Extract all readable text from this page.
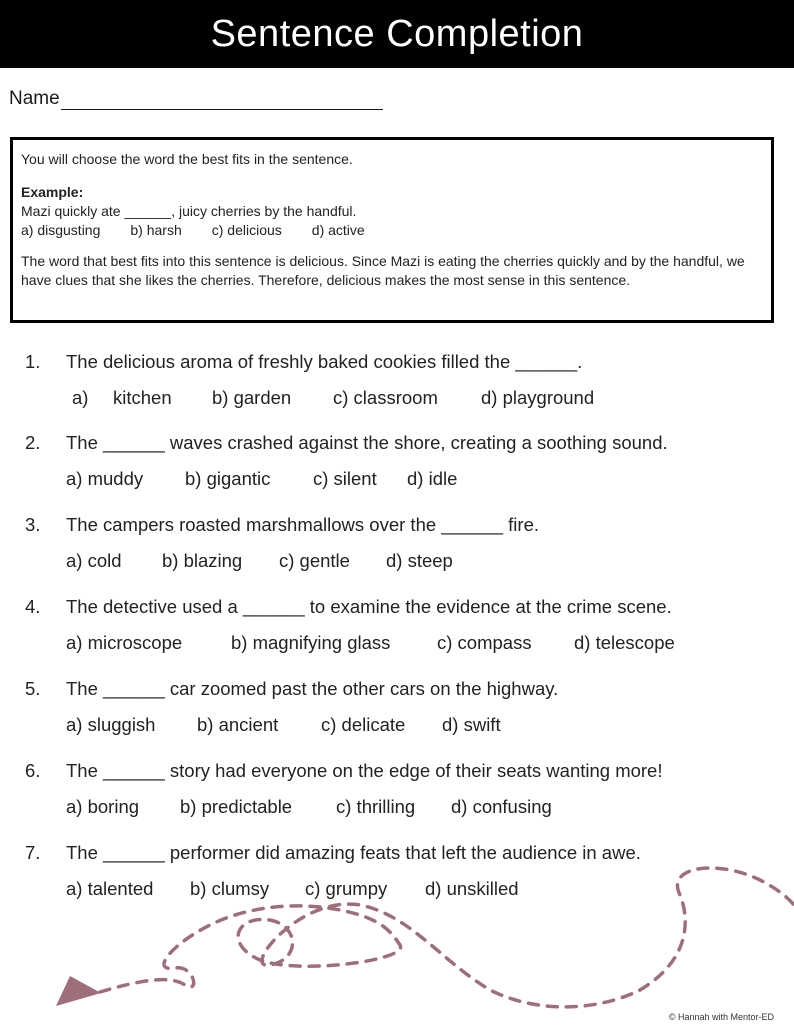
Sentence Completion
Name

You will choose the word the best fits in the sentence.

Example:

Mazi quickly ate ______, juicy cherries by the handful.

a) disgusting b) harsh c) delicious d) active

The word that best fits into this sentence is delicious. Since Mazi is eating the cherries quickly and by the handful, we have clues that she likes the cherries. Therefore, delicious makes the most sense in this sentence.

1. The delicious aroma of freshly baked cookies filled the ______.
a)	kitchen	b) garden	c) classroom	d) playground
2. The ______ waves crashed against the shore, creating a soothing sound.
a) muddy	b) gigantic	c) silent	d) idle
3. The campers roasted marshmallows over the ______ fire.
a) cold	b) blazing	c) gentle	d) steep
4. The detective used a ______ to examine the evidence at the crime scene.
a) microscope	b) magnifying glass	c) compass	d) telescope
5. The ______ car zoomed past the other cars on the highway.
a) sluggish	b) ancient	c) delicate	d) swift
6. The ______ story had everyone on the edge of their seats wanting more!
a) boring	b) predictable	c) thrilling	d) confusing
7. The ______ performer did amazing feats that left the audience in awe.
a) talented	b) clumsy	c) grumpy	d) unskilled
© Hannah with Mentor-ED
